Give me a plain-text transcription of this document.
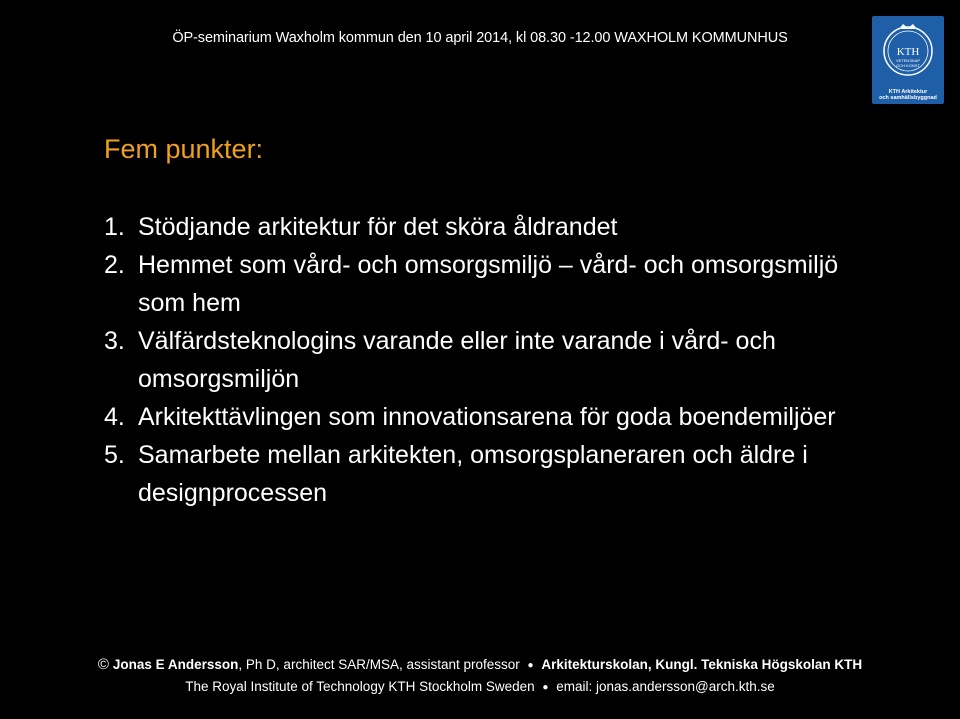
ÖP-seminarium Waxholm kommun den 10 april 2014, kl 08.30 -12.00 WAXHOLM KOMMUNHUS
KTH
VETENSKAP
OCH KONST
KTH Arkitektur
och samhällsbyggnad
Fem punkter:
1. Stödjande arkitektur för det sköra åldrandet
2. Hemmet som vård- och omsorgsmiljö – vård- och omsorgsmiljö som hem
3. Välfärdsteknologins varande eller inte varande i vård- och omsorgsmiljön
4. Arkitekttävlingen som innovationsarena för goda boendemiljöer
5. Samarbete mellan arkitekten, omsorgsplaneraren och äldre i designprocessen
© Jonas E Andersson, Ph D, architect SAR/MSA, assistant professor ● Arkitekturskolan, Kungl. Tekniska Högskolan KTH
The Royal Institute of Technology KTH Stockholm Sweden ● email: jonas.andersson@arch.kth.se
